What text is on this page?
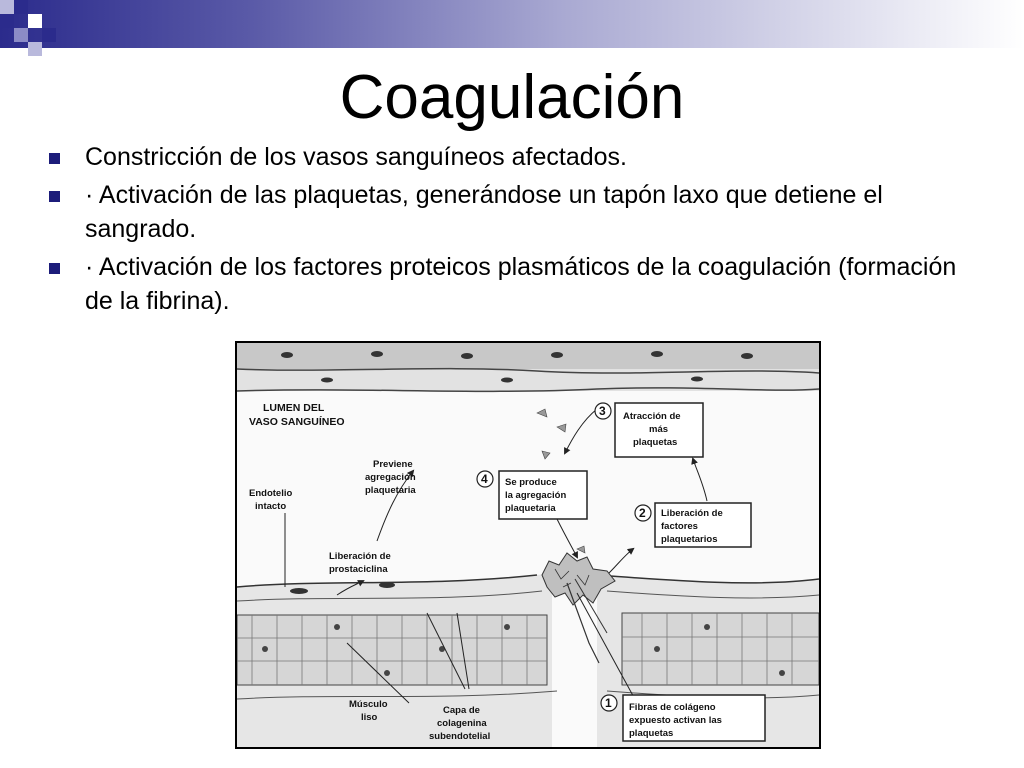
Coagulación
Constricción de los vasos sanguíneos afectados.
· Activación de las plaquetas, generándose un tapón laxo que detiene el sangrado.
· Activación de los factores proteicos plasmáticos de la coagulación (formación de la fibrina).
LUMEN DEL
VASO SANGUÍNEO
Endotelio
intacto
Previene
agregación
plaquetaria
Liberación de
prostaciclina
Músculo
liso
Capa de
colagenina
subendotelial
1 Fibras de colágeno
expuesto activan las
plaquetas
2 Liberación de
factores
plaquetarios
3 Atracción de
más
plaquetas
4 Se produce
la agregación
plaquetaria
